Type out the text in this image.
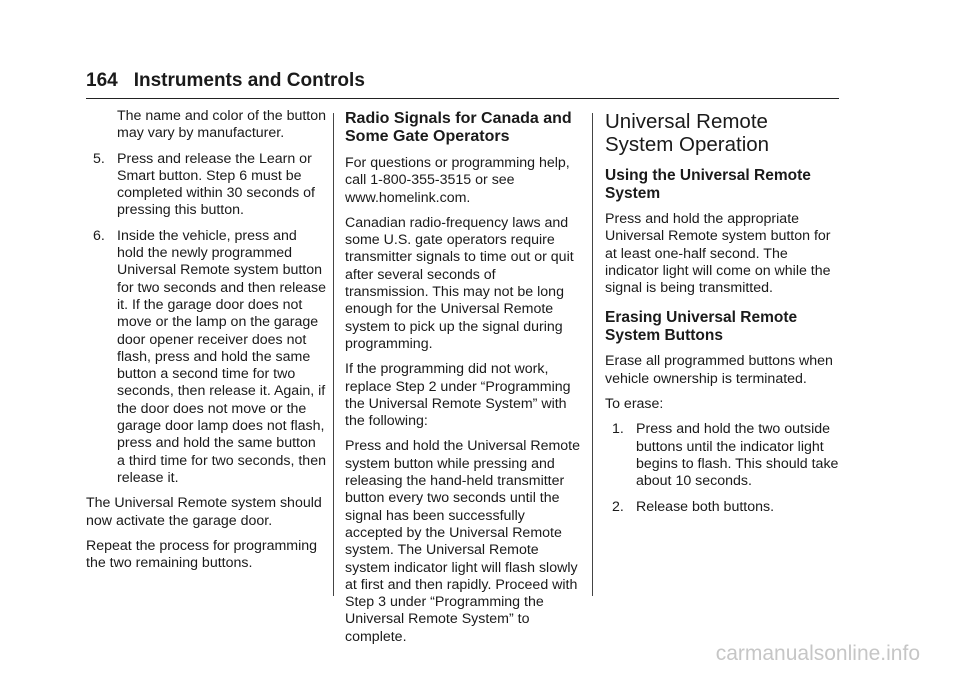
164 Instruments and Controls

The name and color of the button may vary by manufacturer.

5. Press and release the Learn or Smart button. Step 6 must be completed within 30 seconds of pressing this button.
6. Inside the vehicle, press and hold the newly programmed Universal Remote system button for two seconds and then release it. If the garage door does not move or the lamp on the garage door opener receiver does not flash, press and hold the same button a second time for two seconds, then release it. Again, if the door does not move or the garage door lamp does not flash, press and hold the same button a third time for two seconds, then release it.

The Universal Remote system should now activate the garage door.

Repeat the process for programming the two remaining buttons.

Radio Signals for Canada and Some Gate Operators

For questions or programming help, call 1-800-355-3515 or see www.homelink.com.

Canadian radio-frequency laws and some U.S. gate operators require transmitter signals to time out or quit after several seconds of transmission. This may not be long enough for the Universal Remote system to pick up the signal during programming.

If the programming did not work, replace Step 2 under “Programming the Universal Remote System” with the following:

Press and hold the Universal Remote system button while pressing and releasing the hand-held transmitter button every two seconds until the signal has been successfully accepted by the Universal Remote system. The Universal Remote system indicator light will flash slowly at first and then rapidly. Proceed with Step 3 under “Programming the Universal Remote System” to complete.

Universal Remote System Operation
Using the Universal Remote System

Press and hold the appropriate Universal Remote system button for at least one-half second. The indicator light will come on while the signal is being transmitted.

Erasing Universal Remote System Buttons

Erase all programmed buttons when vehicle ownership is terminated.

To erase:

1. Press and hold the two outside buttons until the indicator light begins to flash. This should take about 10 seconds.
2. Release both buttons.
carmanualsonline.info
